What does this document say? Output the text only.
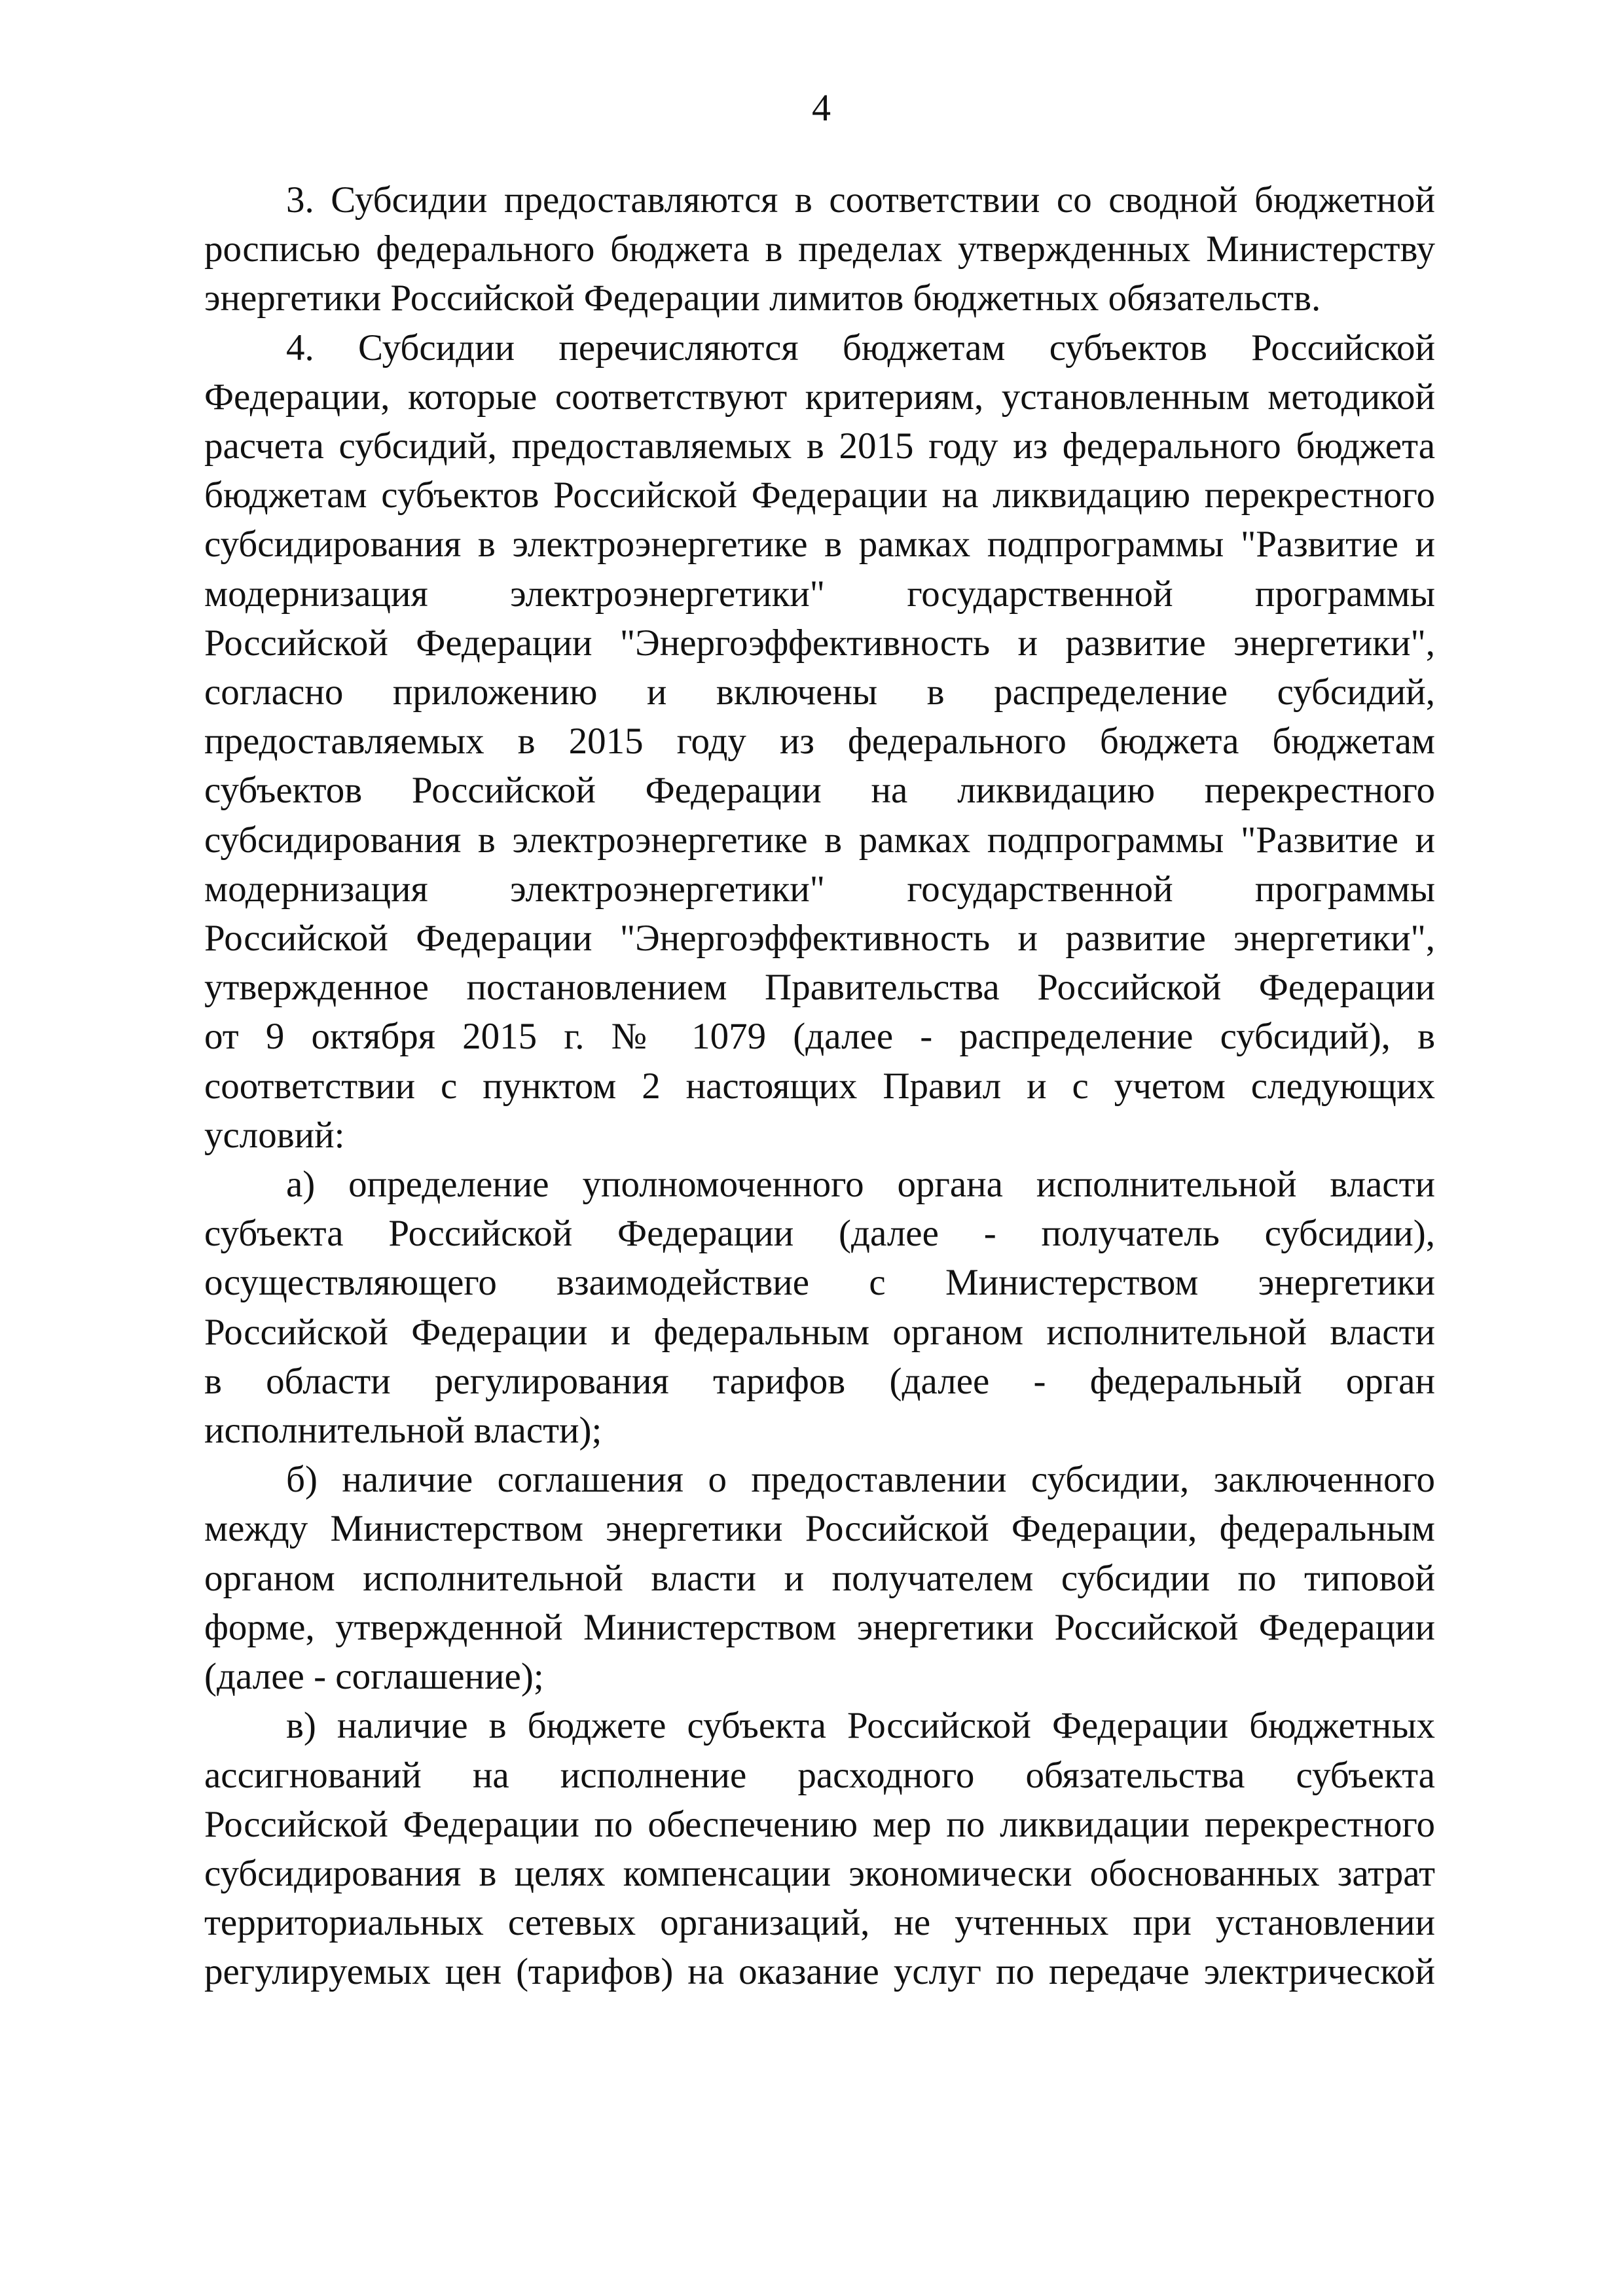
4

3. Субсидии предоставляются в соответствии со сводной бюджетной
росписью федерального бюджета в пределах утвержденных Министерству
энергетики Российской Федерации лимитов бюджетных обязательств.

4. Субсидии перечисляются бюджетам субъектов Российской
Федерации, которые соответствуют критериям, установленным методикой
расчета субсидий, предоставляемых в 2015 году из федерального бюджета
бюджетам субъектов Российской Федерации на ликвидацию перекрестного
субсидирования в электроэнергетике в рамках подпрограммы "Развитие и
модернизация электроэнергетики" государственной программы
Российской Федерации "Энергоэффективность и развитие энергетики",
согласно приложению и включены в распределение субсидий,
предоставляемых в 2015 году из федерального бюджета бюджетам
субъектов Российской Федерации на ликвидацию перекрестного
субсидирования в электроэнергетике в рамках подпрограммы "Развитие и
модернизация электроэнергетики" государственной программы
Российской Федерации "Энергоэффективность и развитие энергетики",
утвержденное постановлением Правительства Российской Федерации
от 9 октября 2015 г. № 1079 (далее - распределение субсидий), в
соответствии с пунктом 2 настоящих Правил и с учетом следующих
условий:

а) определение уполномоченного органа исполнительной власти
субъекта Российской Федерации (далее - получатель субсидии),
осуществляющего взаимодействие с Министерством энергетики
Российской Федерации и федеральным органом исполнительной власти
в области регулирования тарифов (далее - федеральный орган
исполнительной власти);

б) наличие соглашения о предоставлении субсидии, заключенного
между Министерством энергетики Российской Федерации, федеральным
органом исполнительной власти и получателем субсидии по типовой
форме, утвержденной Министерством энергетики Российской Федерации
(далее - соглашение);

в) наличие в бюджете субъекта Российской Федерации бюджетных
ассигнований на исполнение расходного обязательства субъекта
Российской Федерации по обеспечению мер по ликвидации перекрестного
субсидирования в целях компенсации экономически обоснованных затрат
территориальных сетевых организаций, не учтенных при установлении
регулируемых цен (тарифов) на оказание услуг по передаче электрической
